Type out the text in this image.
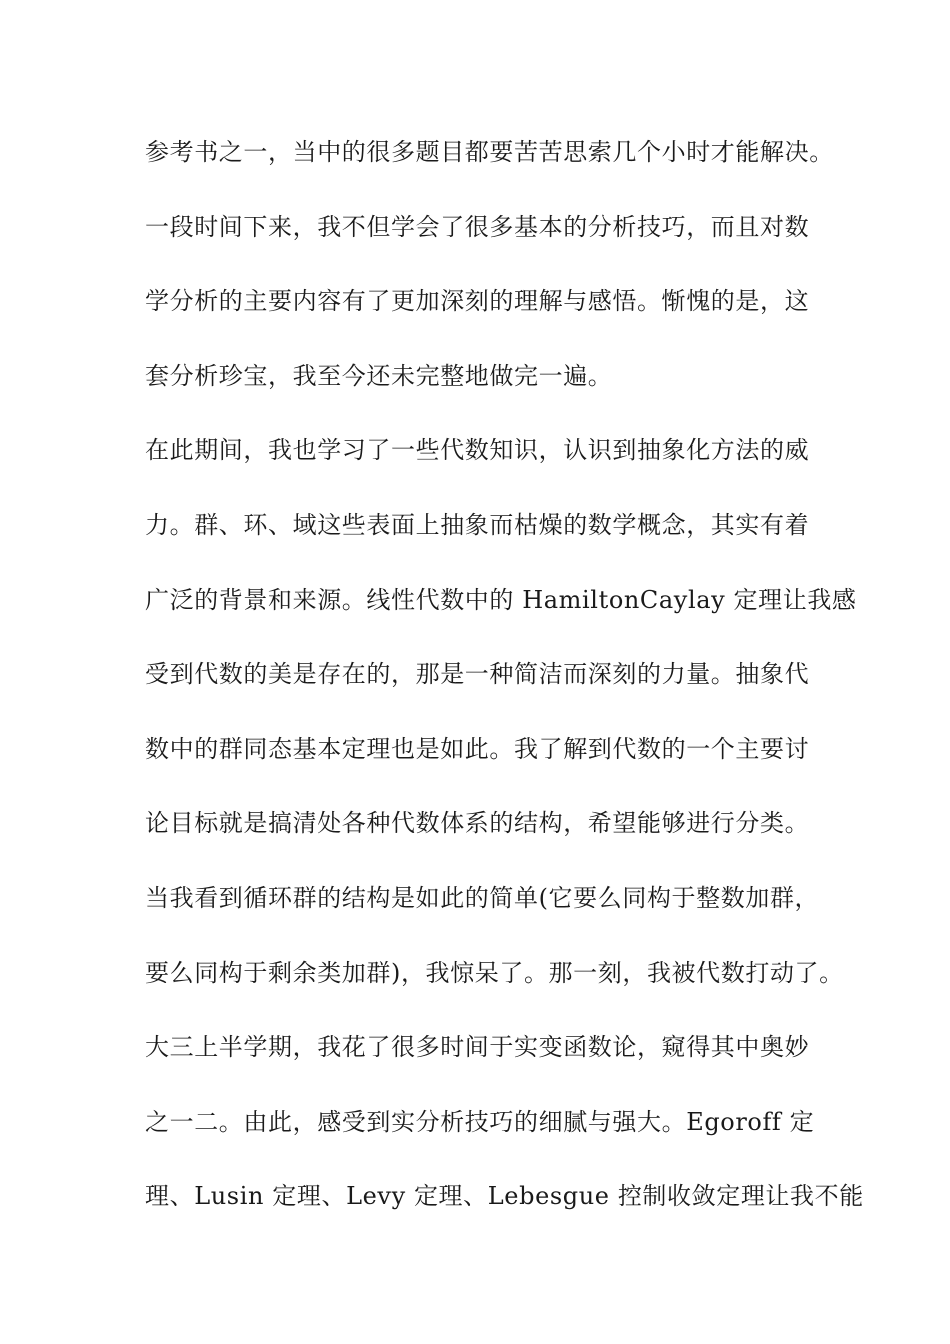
参考书之一，当中的很多题目都要苦苦思索几个小时才能解决。
一段时间下来，我不但学会了很多基本的分析技巧，而且对数
学分析的主要内容有了更加深刻的理解与感悟。惭愧的是，这
套分析珍宝，我至今还未完整地做完一遍。
在此期间，我也学习了一些代数知识，认识到抽象化方法的威
力。群、环、域这些表面上抽象而枯燥的数学概念，其实有着
广泛的背景和来源。线性代数中的 HamiltonCaylay 定理让我感
受到代数的美是存在的，那是一种简洁而深刻的力量。抽象代
数中的群同态基本定理也是如此。我了解到代数的一个主要讨
论目标就是搞清处各种代数体系的结构，希望能够进行分类。
当我看到循环群的结构是如此的简单(它要么同构于整数加群，
要么同构于剩余类加群)，我惊呆了。那一刻，我被代数打动了。
大三上半学期，我花了很多时间于实变函数论，窥得其中奥妙
之一二。由此，感受到实分析技巧的细腻与强大。Egoroff 定
理、Lusin 定理、Levy 定理、Lebesgue 控制收敛定理让我不能
